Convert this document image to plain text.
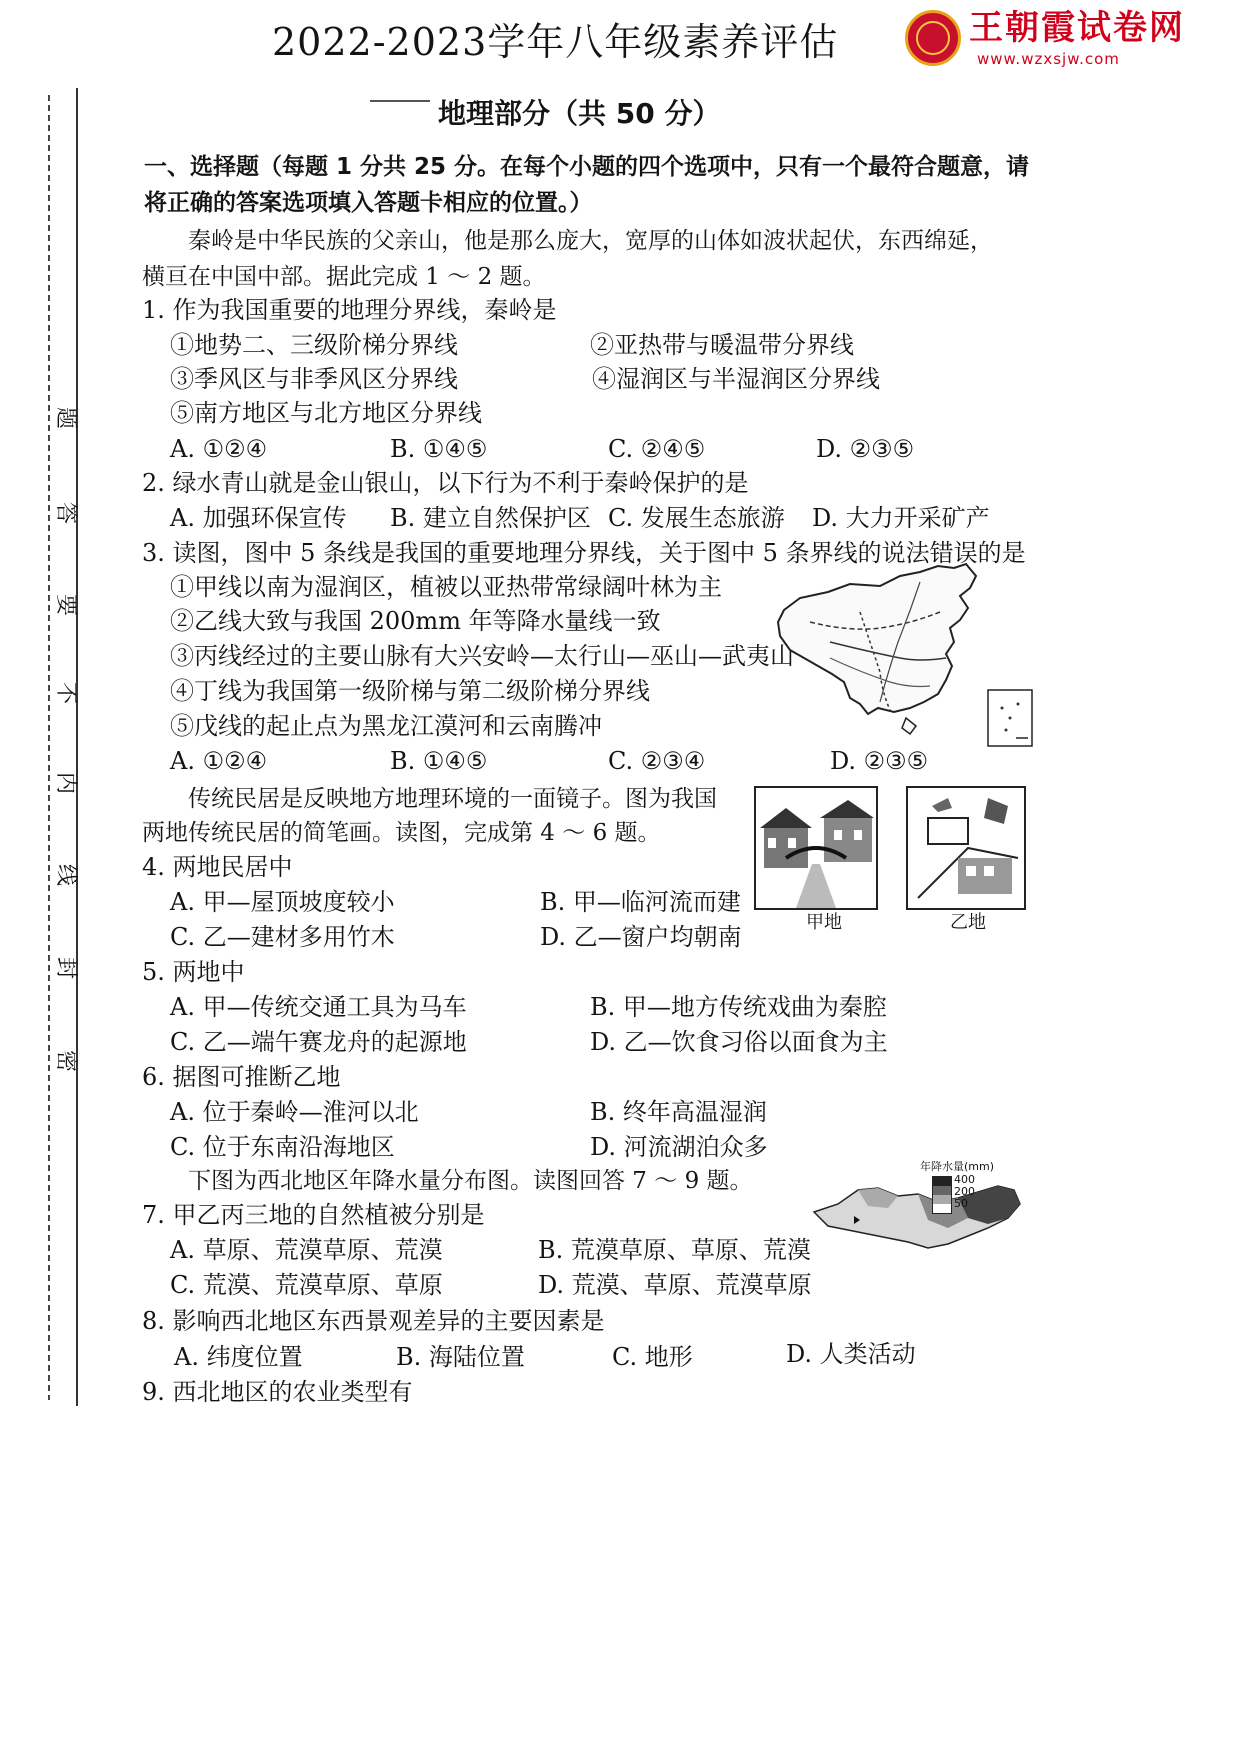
2022-2023学年八年级素养评估	王朝霞试卷网
www.wzxsjw.com
题
答
要
不
内
线
封
密
地理部分（共 50 分）
一、选择题（每题 1 分共 25 分。在每个小题的四个选项中，只有一个最符合题意，请
将正确的答案选项填入答题卡相应的位置。）
秦岭是中华民族的父亲山，他是那么庞大，宽厚的山体如波状起伏，东西绵延，
横亘在中国中部。据此完成 1 ～ 2 题。
1. 作为我国重要的地理分界线，秦岭是
①地势二、三级阶梯分界线	②亚热带与暖温带分界线
③季风区与非季风区分界线	④湿润区与半湿润区分界线
⑤南方地区与北方地区分界线
A. ①②④	B. ①④⑤	C. ②④⑤	D. ②③⑤
2. 绿水青山就是金山银山，以下行为不利于秦岭保护的是
A. 加强环保宣传 B. 建立自然保护区 C. 发展生态旅游 D. 大力开采矿产
3. 读图，图中 5 条线是我国的重要地理分界线，关于图中 5 条界线的说法错误的是
①甲线以南为湿润区，植被以亚热带常绿阔叶林为主
②乙线大致与我国 200mm 年等降水量线一致
③丙线经过的主要山脉有大兴安岭—太行山—巫山—武夷山
④丁线为我国第一级阶梯与第二级阶梯分界线
⑤戊线的起止点为黑龙江漠河和云南腾冲
A. ①②④	B. ①④⑤	C. ②③④	D. ②③⑤
传统民居是反映地方地理环境的一面镜子。图为我国
两地传统民居的简笔画。读图，完成第 4 ～ 6 题。
甲地	乙地
4. 两地民居中
A. 甲—屋顶坡度较小	B. 甲—临河流而建
C. 乙—建材多用竹木	D. 乙—窗户均朝南
5. 两地中
A. 甲—传统交通工具为马车	B. 甲—地方传统戏曲为秦腔
C. 乙—端午赛龙舟的起源地	D. 乙—饮食习俗以面食为主
6. 据图可推断乙地
A. 位于秦岭—淮河以北	B. 终年高温湿润
C. 位于东南沿海地区	D. 河流湖泊众多
下图为西北地区年降水量分布图。读图回答 7 ～ 9 题。
年降水量(mm)
400
200
50
7. 甲乙丙三地的自然植被分别是
A. 草原、荒漠草原、荒漠	B. 荒漠草原、草原、荒漠
C. 荒漠、荒漠草原、草原	D. 荒漠、草原、荒漠草原
8. 影响西北地区东西景观差异的主要因素是
A. 纬度位置	B. 海陆位置	C. 地形	D. 人类活动
9. 西北地区的农业类型有
